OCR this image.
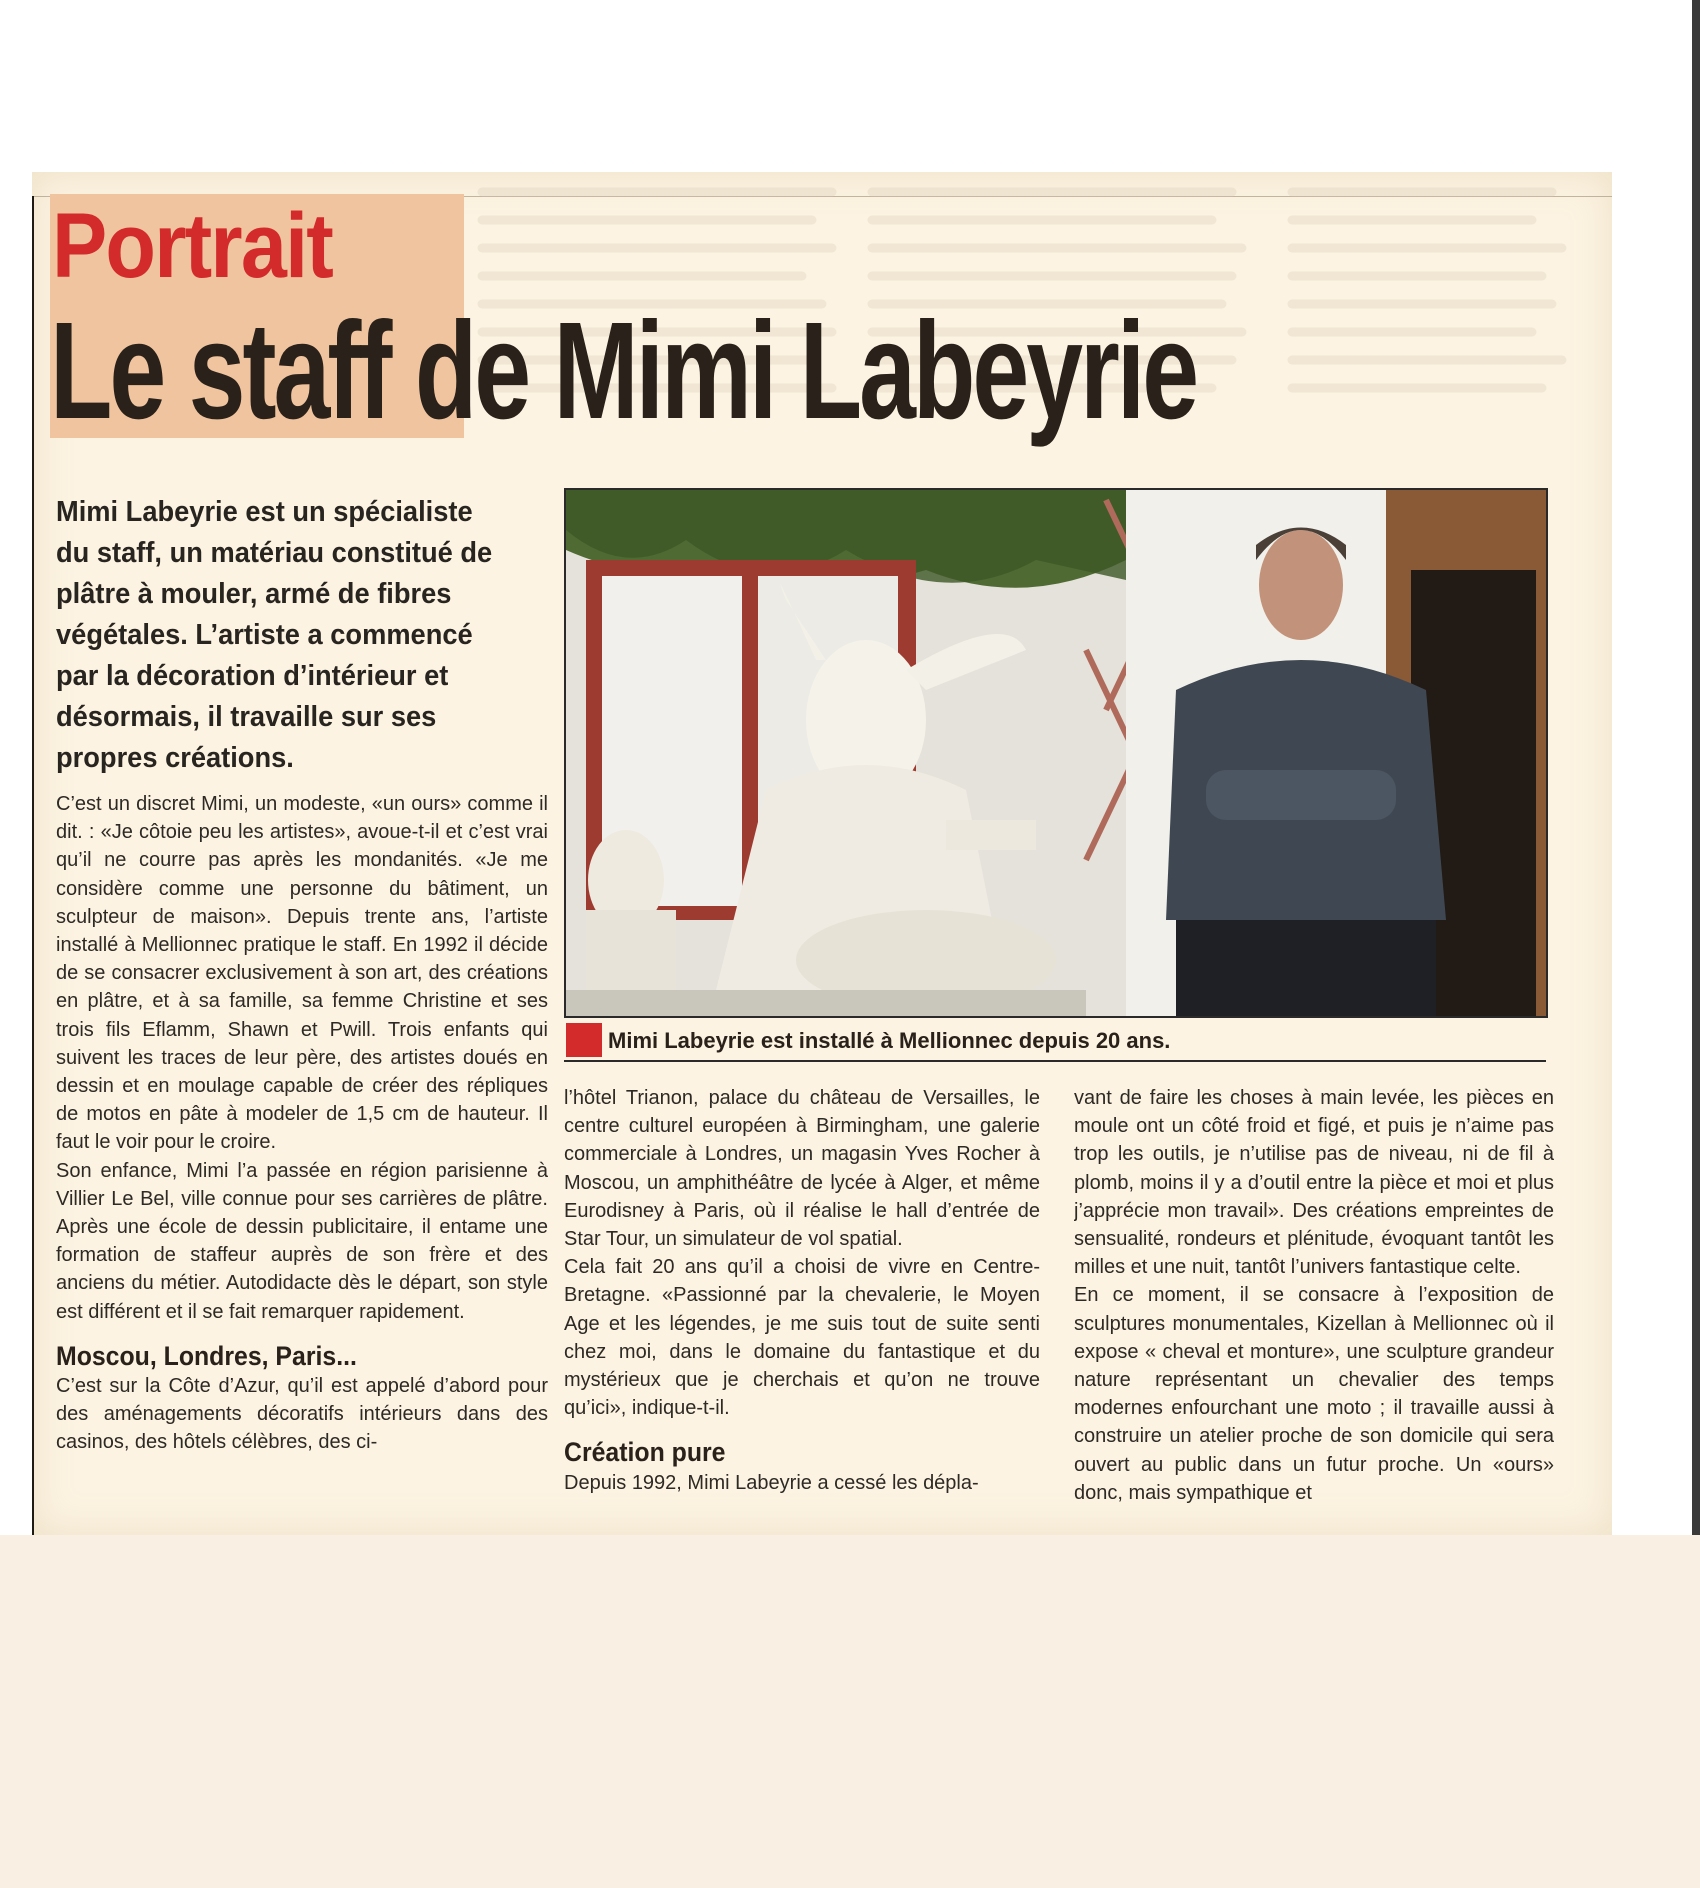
Portrait
Le staff de Mimi Labeyrie
Mimi Labeyrie est un spécialiste du staff, un matériau constitué de plâtre à mouler, armé de fibres végétales. L’artiste a commencé par la décoration d’intérieur et désormais, il travaille sur ses propres créations.

C’est un discret Mimi, un modeste, «un ours» comme il dit. : «Je côtoie peu les artistes», avoue-t-il et c’est vrai qu’il ne courre pas après les mondanités. «Je me considère comme une personne du bâtiment, un sculpteur de maison». Depuis trente ans, l’artiste installé à Mellionnec pratique le staff. En 1992 il décide de se consacrer exclusivement à son art, des créations en plâtre, et à sa famille, sa femme Christine et ses trois fils Eflamm, Shawn et Pwill. Trois enfants qui suivent les traces de leur père, des artistes doués en dessin et en moulage capable de créer des répliques de motos en pâte à modeler de 1,5 cm de hauteur. Il faut le voir pour le croire.

Son enfance, Mimi l’a passée en région parisienne à Villier Le Bel, ville connue pour ses carrières de plâtre. Après une école de dessin publicitaire, il entame une formation de staffeur auprès de son frère et des anciens du métier. Autodidacte dès le départ, son style est différent et il se fait remarquer rapidement.

Moscou, Londres, Paris...

C’est sur la Côte d’Azur, qu’il est appelé d’abord pour des aménagements décoratifs intérieurs dans des casinos, des hôtels célèbres, des ci-

Mimi Labeyrie est installé à Mellionnec depuis 20 ans.

l’hôtel Trianon, palace du château de Versailles, le centre culturel européen à Birmingham, une galerie commerciale à Londres, un magasin Yves Rocher à Moscou, un amphithéâtre de lycée à Alger, et même Eurodisney à Paris, où il réalise le hall d’entrée de Star Tour, un simulateur de vol spatial.

Cela fait 20 ans qu’il a choisi de vivre en Centre-Bretagne. «Passionné par la chevalerie, le Moyen Age et les légendes, je me suis tout de suite senti chez moi, dans le domaine du fantastique et du mystérieux que je cherchais et qu’on ne trouve qu’ici», indique-t-il.

Création pure

Depuis 1992, Mimi Labeyrie a cessé les dépla-

vant de faire les choses à main levée, les pièces en moule ont un côté froid et figé, et puis je n’aime pas trop les outils, je n’utilise pas de niveau, ni de fil à plomb, moins il y a d’outil entre la pièce et moi et plus j’apprécie mon travail». Des créations empreintes de sensualité, rondeurs et plénitude, évoquant tantôt les milles et une nuit, tantôt l’univers fantastique celte.

En ce moment, il se consacre à l’exposition de sculptures monumentales, Kizellan à Mellionnec où il expose « cheval et monture», une sculpture grandeur nature représentant un chevalier des temps modernes enfourchant une moto ; il travaille aussi à construire un atelier proche de son domicile qui sera ouvert au public dans un futur proche. Un «ours» donc, mais sympathique et
